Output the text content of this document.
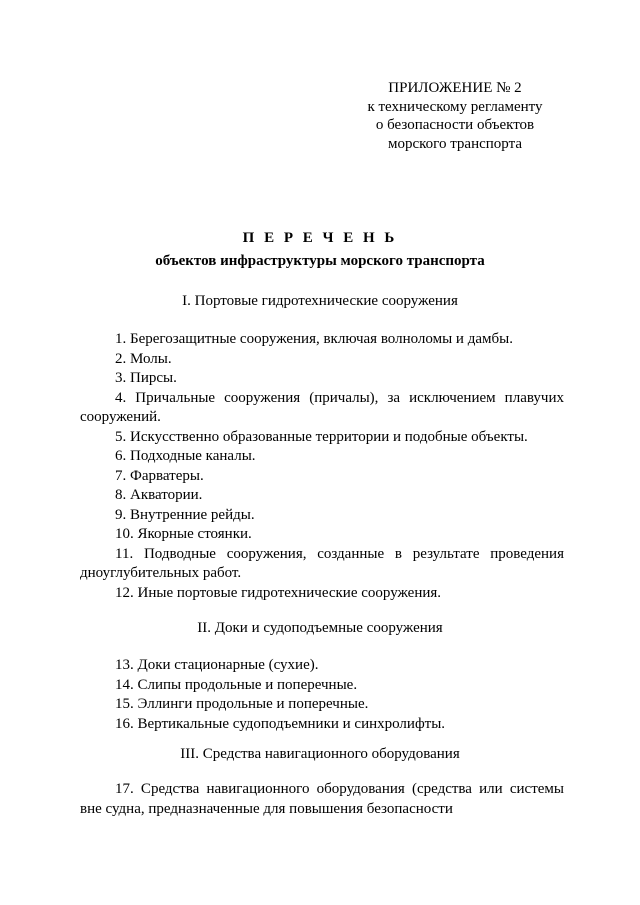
ПРИЛОЖЕНИЕ № 2
к техническому регламенту
о безопасности объектов
морского транспорта
П Е Р Е Ч Е Н Ь
объектов инфраструктуры морского транспорта
I. Портовые гидротехнические сооружения

1. Берегозащитные сооружения, включая волноломы и дамбы.

2. Молы.

3. Пирсы.

4. Причальные сооружения (причалы), за исключением плавучих сооружений.

5. Искусственно образованные территории и подобные объекты.

6. Подходные каналы.

7. Фарватеры.

8. Акватории.

9. Внутренние рейды.

10. Якорные стоянки.

11. Подводные сооружения, созданные в результате проведения дноуглубительных работ.

12. Иные портовые гидротехнические сооружения.

II. Доки и судоподъемные сооружения

13. Доки стационарные (сухие).

14. Слипы продольные и поперечные.

15. Эллинги продольные и поперечные.

16. Вертикальные судоподъемники и синхролифты.

III. Средства навигационного оборудования

17. Средства навигационного оборудования (средства или системы вне судна, предназначенные для повышения безопасности
